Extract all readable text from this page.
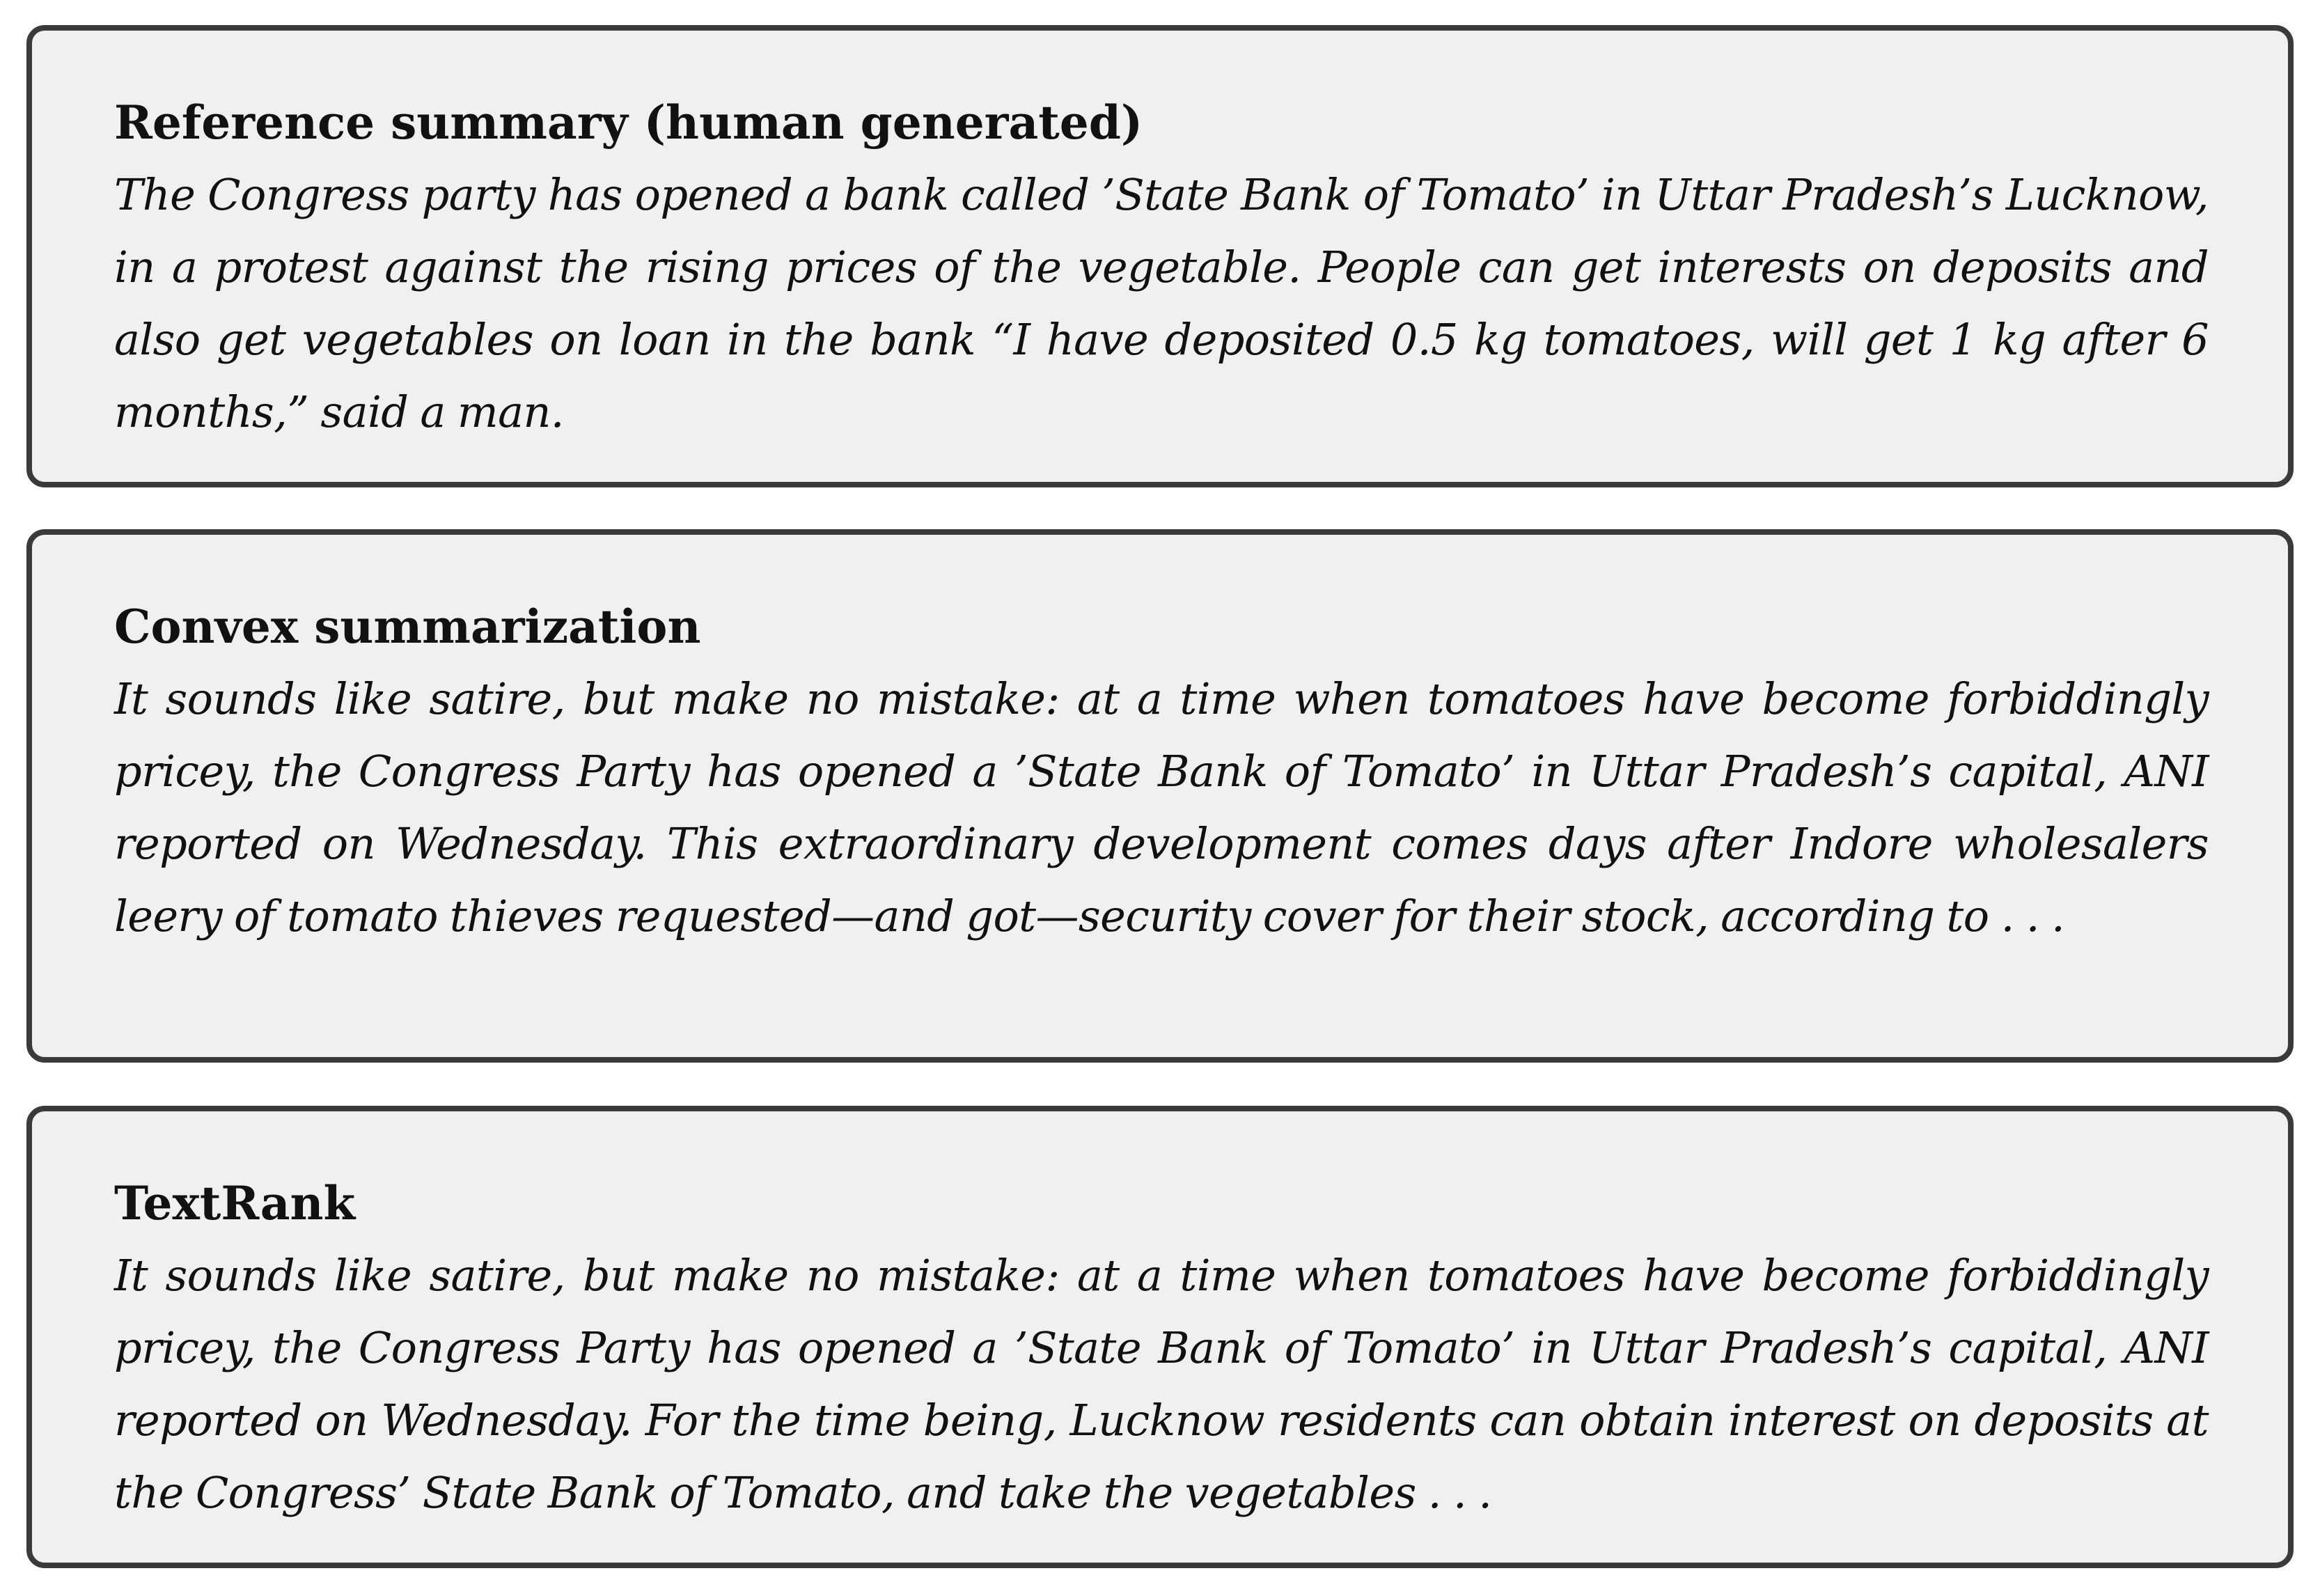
Reference summary (human generated)

The Congress party has opened a bank called ’State Bank of Tomato’ in Uttar Pradesh’s Lucknow, in a protest against the rising prices of the vegetable. People can get interests on deposits and also get vegetables on loan in the bank “I have deposited 0.5 kg tomatoes, will get 1 kg after 6 months,” said a man.

Convex summarization

It sounds like satire, but make no mistake: at a time when tomatoes have become forbiddingly pricey, the Congress Party has opened a ’State Bank of Tomato’ in Uttar Pradesh’s capital, ANI reported on Wednesday. This extraordinary development comes days after Indore wholesalers leery of tomato thieves requested—and got—security cover for their stock, according to . . .

TextRank

It sounds like satire, but make no mistake: at a time when tomatoes have become forbiddingly pricey, the Congress Party has opened a ’State Bank of Tomato’ in Uttar Pradesh’s capital, ANI reported on Wednesday. For the time being, Lucknow residents can obtain interest on deposits at the Congress’ State Bank of Tomato, and take the vegetables . . .
